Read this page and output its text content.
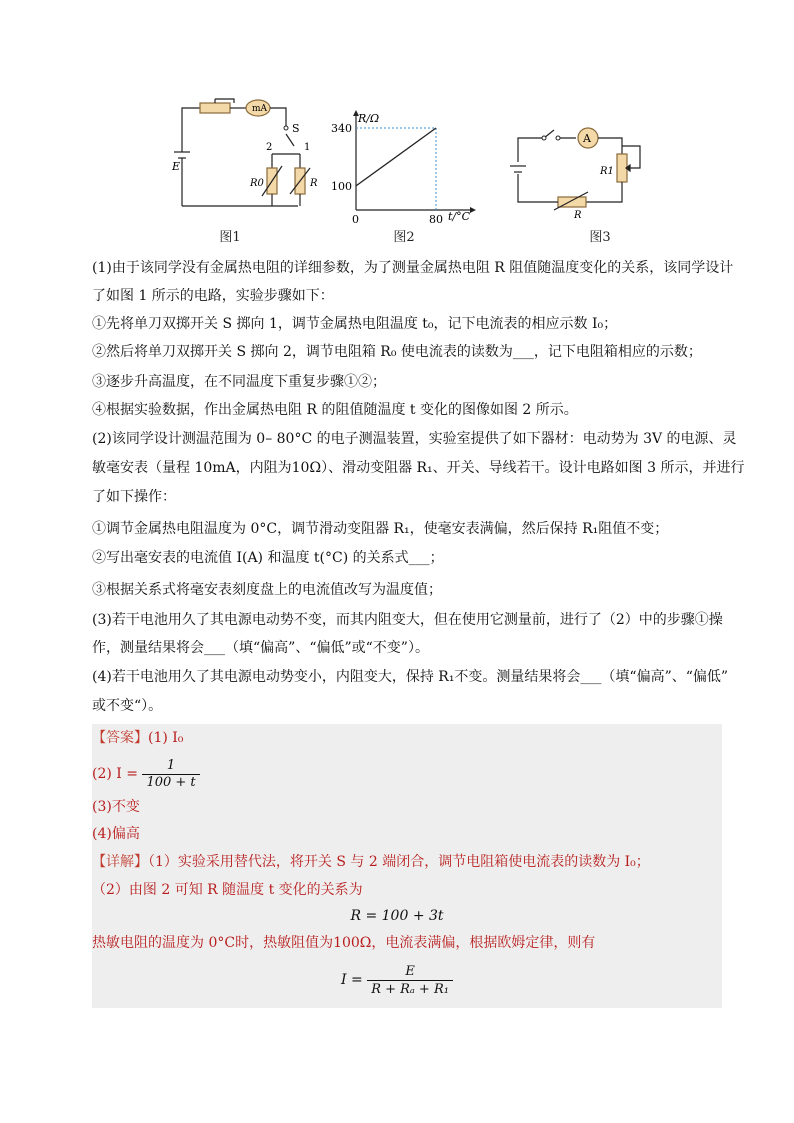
E
mA
S
2	1
R0	R
图1
R/Ω
t/°C
340
100
0	80
图2
A
R1
R
图3
(1)由于该同学没有金属热电阻的详细参数，为了测量金属热电阻 R 阻值随温度变化的关系，该同学设计
了如图 1 所示的电路，实验步骤如下：
①先将单刀双掷开关 S 掷向 1，调节金属热电阻温度 t₀，记下电流表的相应示数 I₀；
②然后将单刀双掷开关 S 掷向 2，调节电阻箱 R₀ 使电流表的读数为___，记下电阻箱相应的示数；
③逐步升高温度，在不同温度下重复步骤①②；
④根据实验数据，作出金属热电阻 R 的阻值随温度 t 变化的图像如图 2 所示。
(2)该同学设计测温范围为 0– 80°C 的电子测温装置，实验室提供了如下器材：电动势为 3V 的电源、灵
敏毫安表（量程 10mA，内阻为10Ω）、滑动变阻器 R₁、开关、导线若干。设计电路如图 3 所示，并进行
了如下操作：
①调节金属热电阻温度为 0°C，调节滑动变阻器 R₁，使毫安表满偏，然后保持 R₁阻值不变；
②写出毫安表的电流值 I(A) 和温度 t(°C) 的关系式___；
③根据关系式将毫安表刻度盘上的电流值改写为温度值；
(3)若干电池用久了其电源电动势不变，而其内阻变大，但在使用它测量前，进行了（2）中的步骤①操
作，测量结果将会___（填“偏高”、“偏低”或“不变”）。
(4)若干电池用久了其电源电动势变小，内阻变大，保持 R₁不变。测量结果将会___（填“偏高”、“偏低”
或不变“）。
【答案】(1) I₀
(2) $I = \frac{1}{100 + t}$
(3)不变
(4)偏高
【详解】（1）实验采用替代法，将开关 S 与 2 端闭合，调节电阻箱使电流表的读数为 I₀；
（2）由图 2 可知 R 随温度 t 变化的关系为
R = 100 + 3t
热敏电阻的温度为 0°C时，热敏阻值为100Ω，电流表满偏，根据欧姆定律，则有
$I = \frac{E}{\text{R + Rₐ + R₁}}$
